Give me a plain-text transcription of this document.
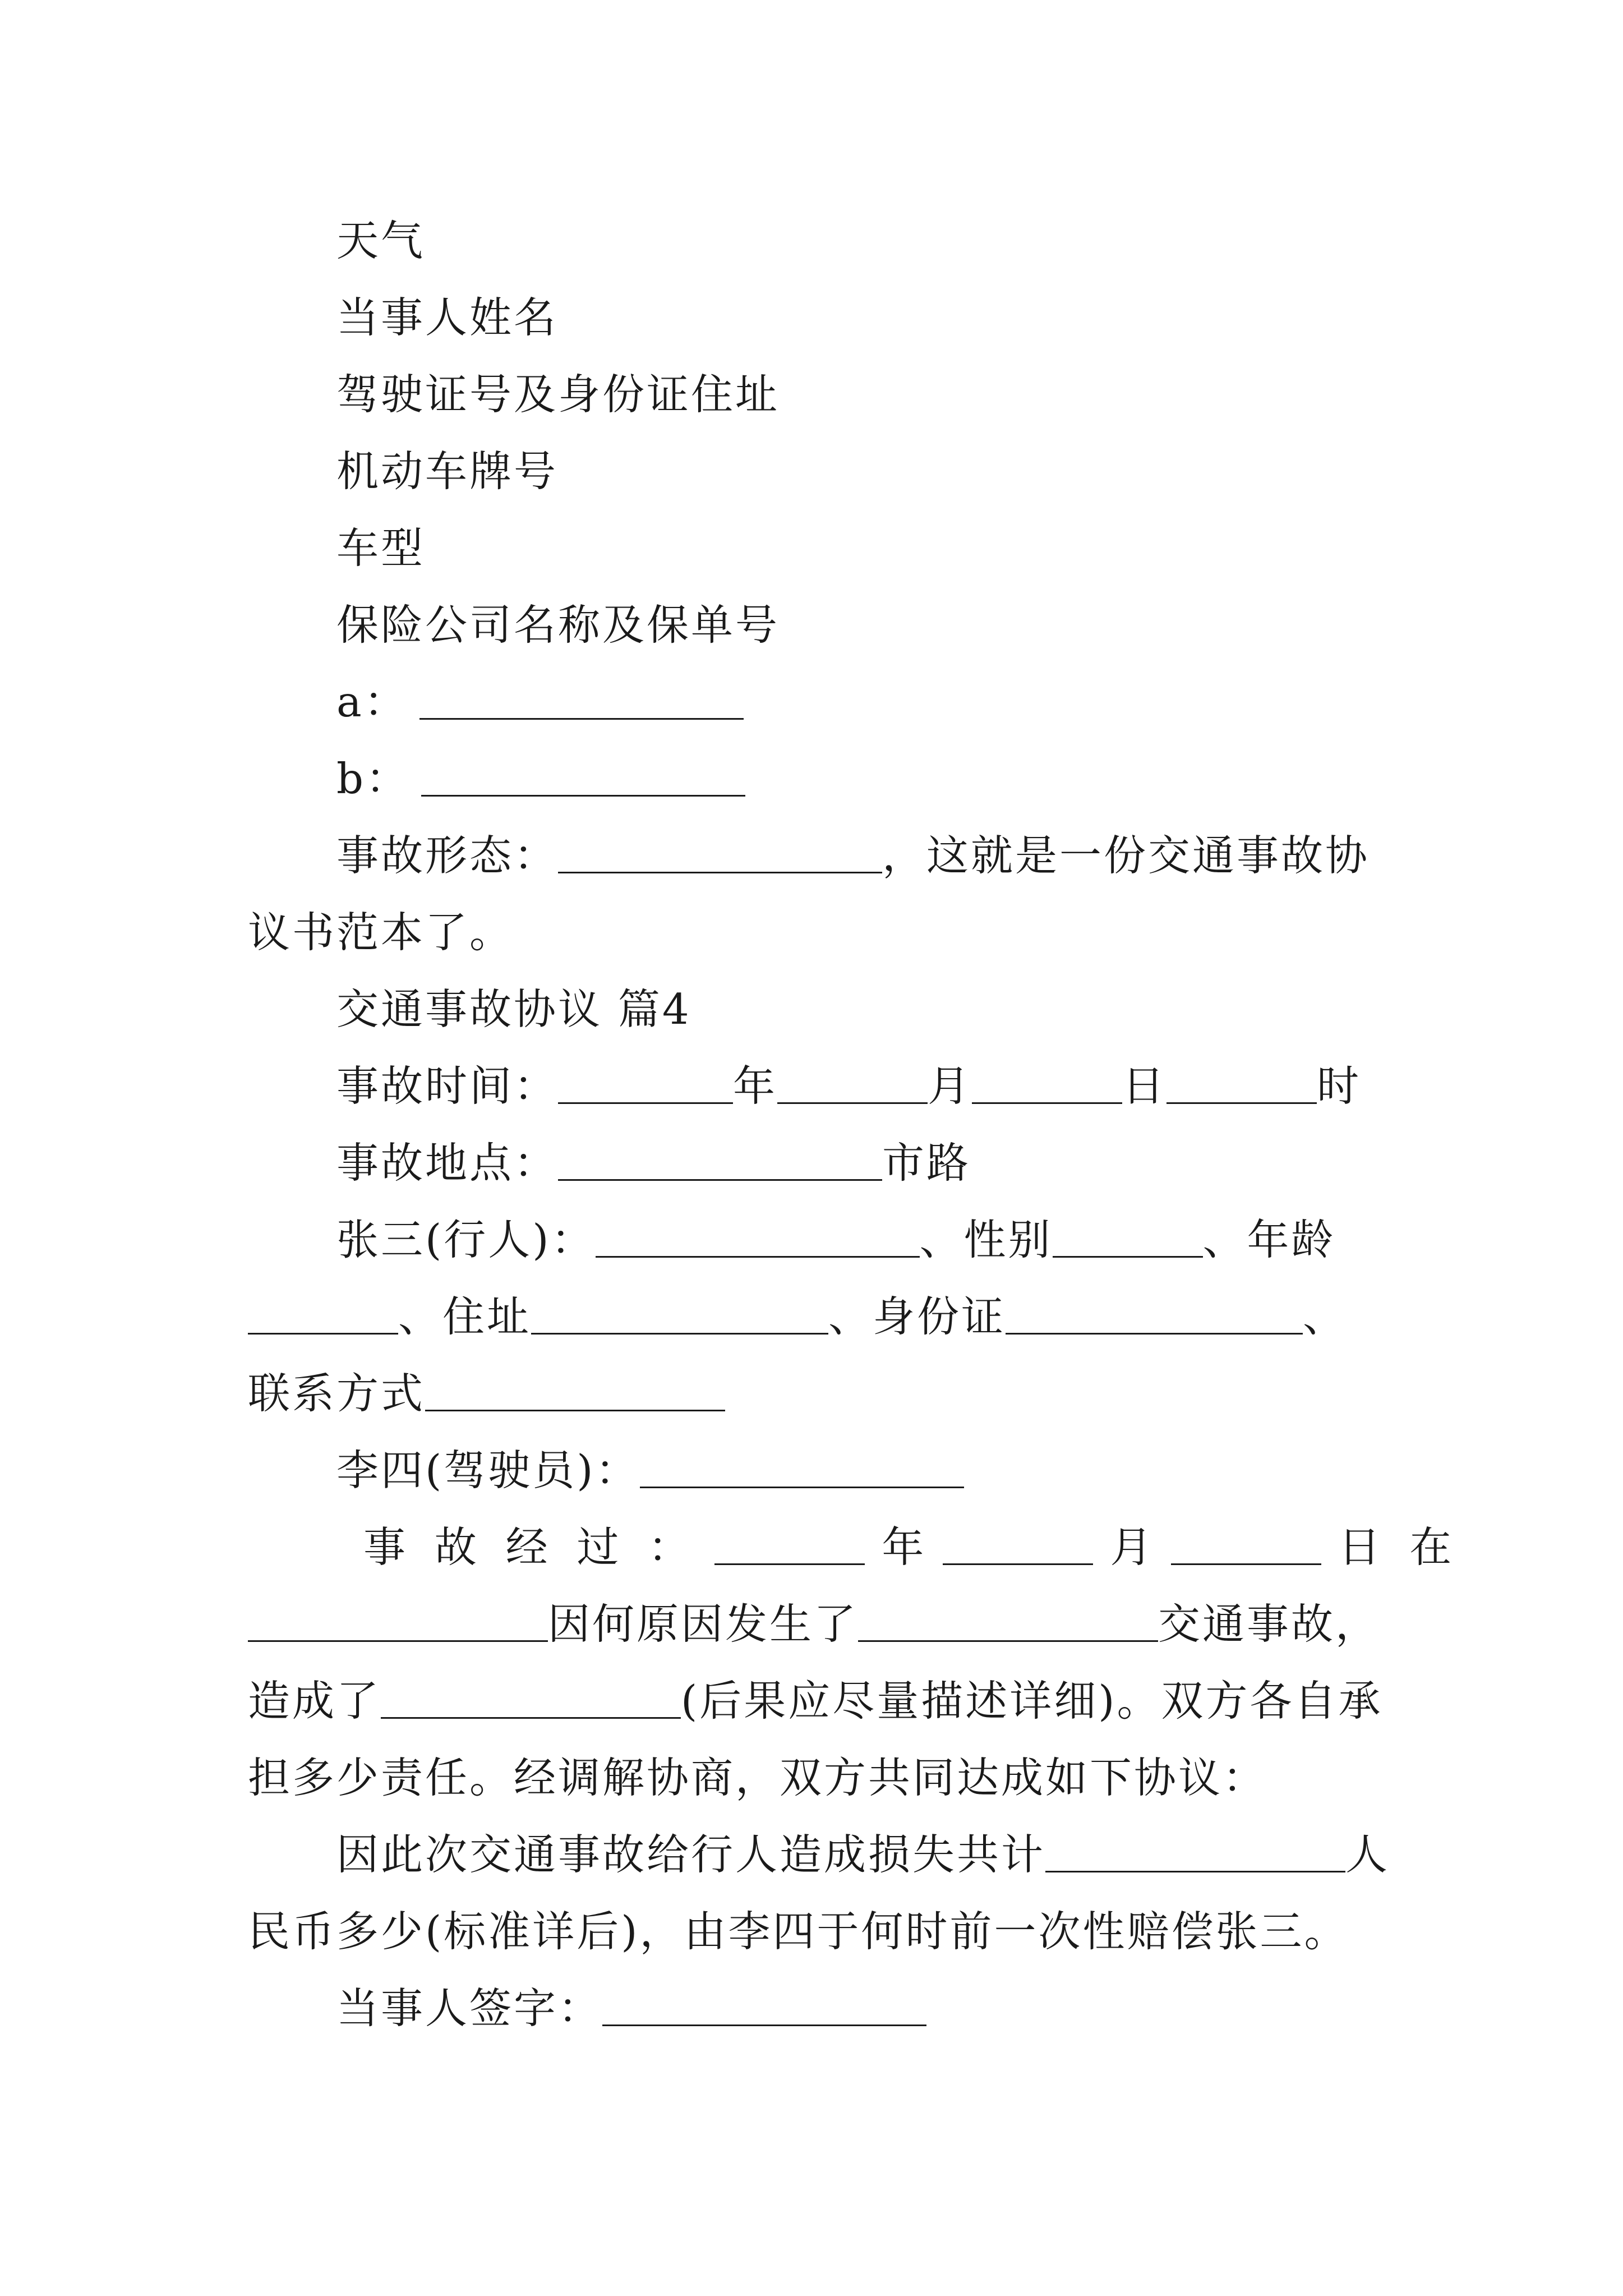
天气
当事人姓名
驾驶证号及身份证住址
机动车牌号
车型
保险公司名称及保单号
a：
b：
事故形态：	，这就是一份交通事故协
议书范本了。
交通事故协议 篇4
事故时间：	年	月	日	时
事故地点：	市路
张三(行人)：	、性别	、年龄
、住址	、身份证	、
联系方式
李四(驾驶员)：
事 故 经 过 ：	年	月	日 在
因何原因发生了	交通事故，
造成了	(后果应尽量描述详细)。双方各自承
担多少责任。经调解协商，双方共同达成如下协议：
因此次交通事故给行人造成损失共计	人
民币多少(标准详后)，由李四于何时前一次性赔偿张三。
当事人签字：
